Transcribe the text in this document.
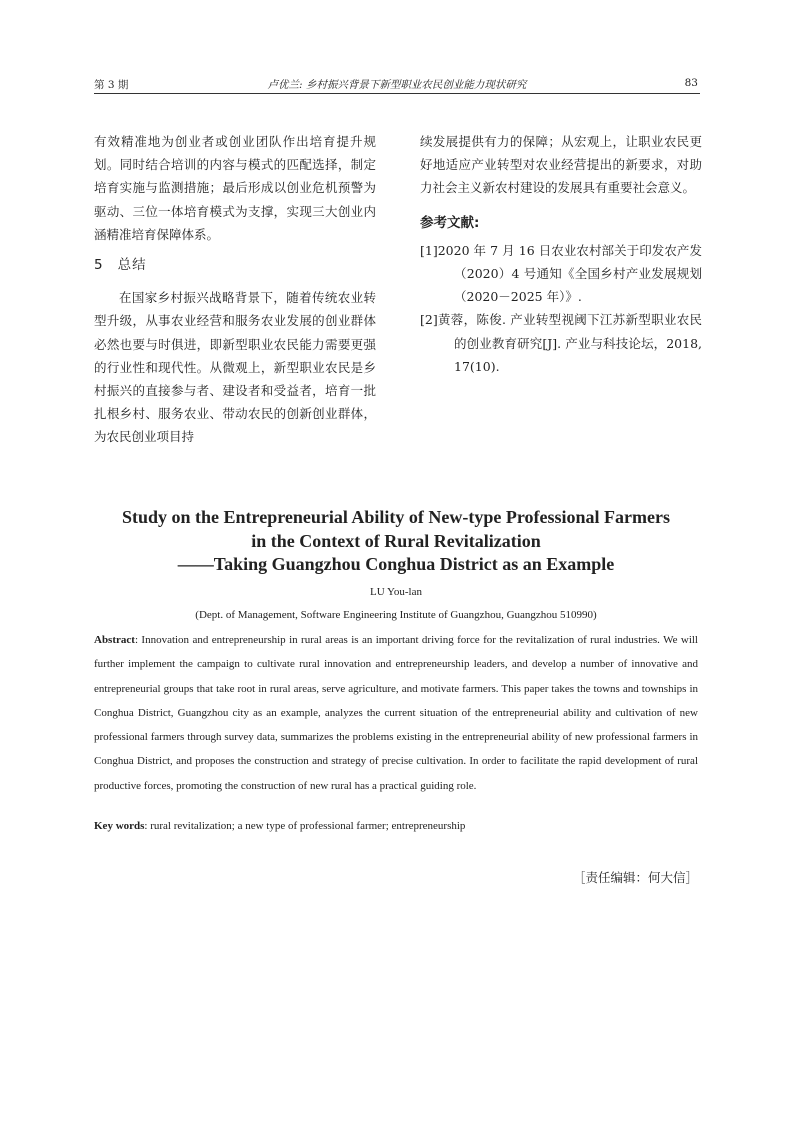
第 3 期	卢优兰: 乡村振兴背景下新型职业农民创业能力现状研究	83

有效精准地为创业者或创业团队作出培育提升规划。同时结合培训的内容与模式的匹配选择，制定培育实施与监测措施；最后形成以创业危机预警为驱动、三位一体培育模式为支撑，实现三大创业内涵精准培育保障体系。

5 总结

在国家乡村振兴战略背景下，随着传统农业转型升级，从事农业经营和服务农业发展的创业群体必然也要与时俱进，即新型职业农民能力需要更强的行业性和现代性。从微观上，新型职业农民是乡村振兴的直接参与者、建设者和受益者，培育一批扎根乡村、服务农业、带动农民的创新创业群体，为农民创业项目持

续发展提供有力的保障；从宏观上，让职业农民更好地适应产业转型对农业经营提出的新要求，对助力社会主义新农村建设的发展具有重要社会意义。

参考文献:

[1]2020 年 7 月 16 日农业农村部关于印发农产发（2020）4 号通知《全国乡村产业发展规划（2020－2025 年）》.

[2]黄蓉，陈俊. 产业转型视阈下江苏新型职业农民的创业教育研究[J]. 产业与科技论坛，2018, 17(10).

Study on the Entrepreneurial Ability of New-type Professional Farmers
in the Context of Rural Revitalization
——Taking Guangzhou Conghua District as an Example
LU You-lan
(Dept. of Management, Software Engineering Institute of Guangzhou, Guangzhou 510990)
Abstract: Innovation and entrepreneurship in rural areas is an important driving force for the revitalization of rural industries. We will further implement the campaign to cultivate rural innovation and entrepreneurship leaders, and develop a number of innovative and entrepreneurial groups that take root in rural areas, serve agriculture, and motivate farmers. This paper takes the towns and townships in Conghua District, Guangzhou city as an example, analyzes the current situation of the entrepreneurial ability and cultivation of new professional farmers through survey data, summarizes the problems existing in the entrepreneurial ability of new professional farmers in Conghua District, and proposes the construction and strategy of precise cultivation. In order to facilitate the rapid development of rural productive forces, promoting the construction of new rural has a practical guiding role.
Key words: rural revitalization; a new type of professional farmer; entrepreneurship
［责任编辑：何大信］
